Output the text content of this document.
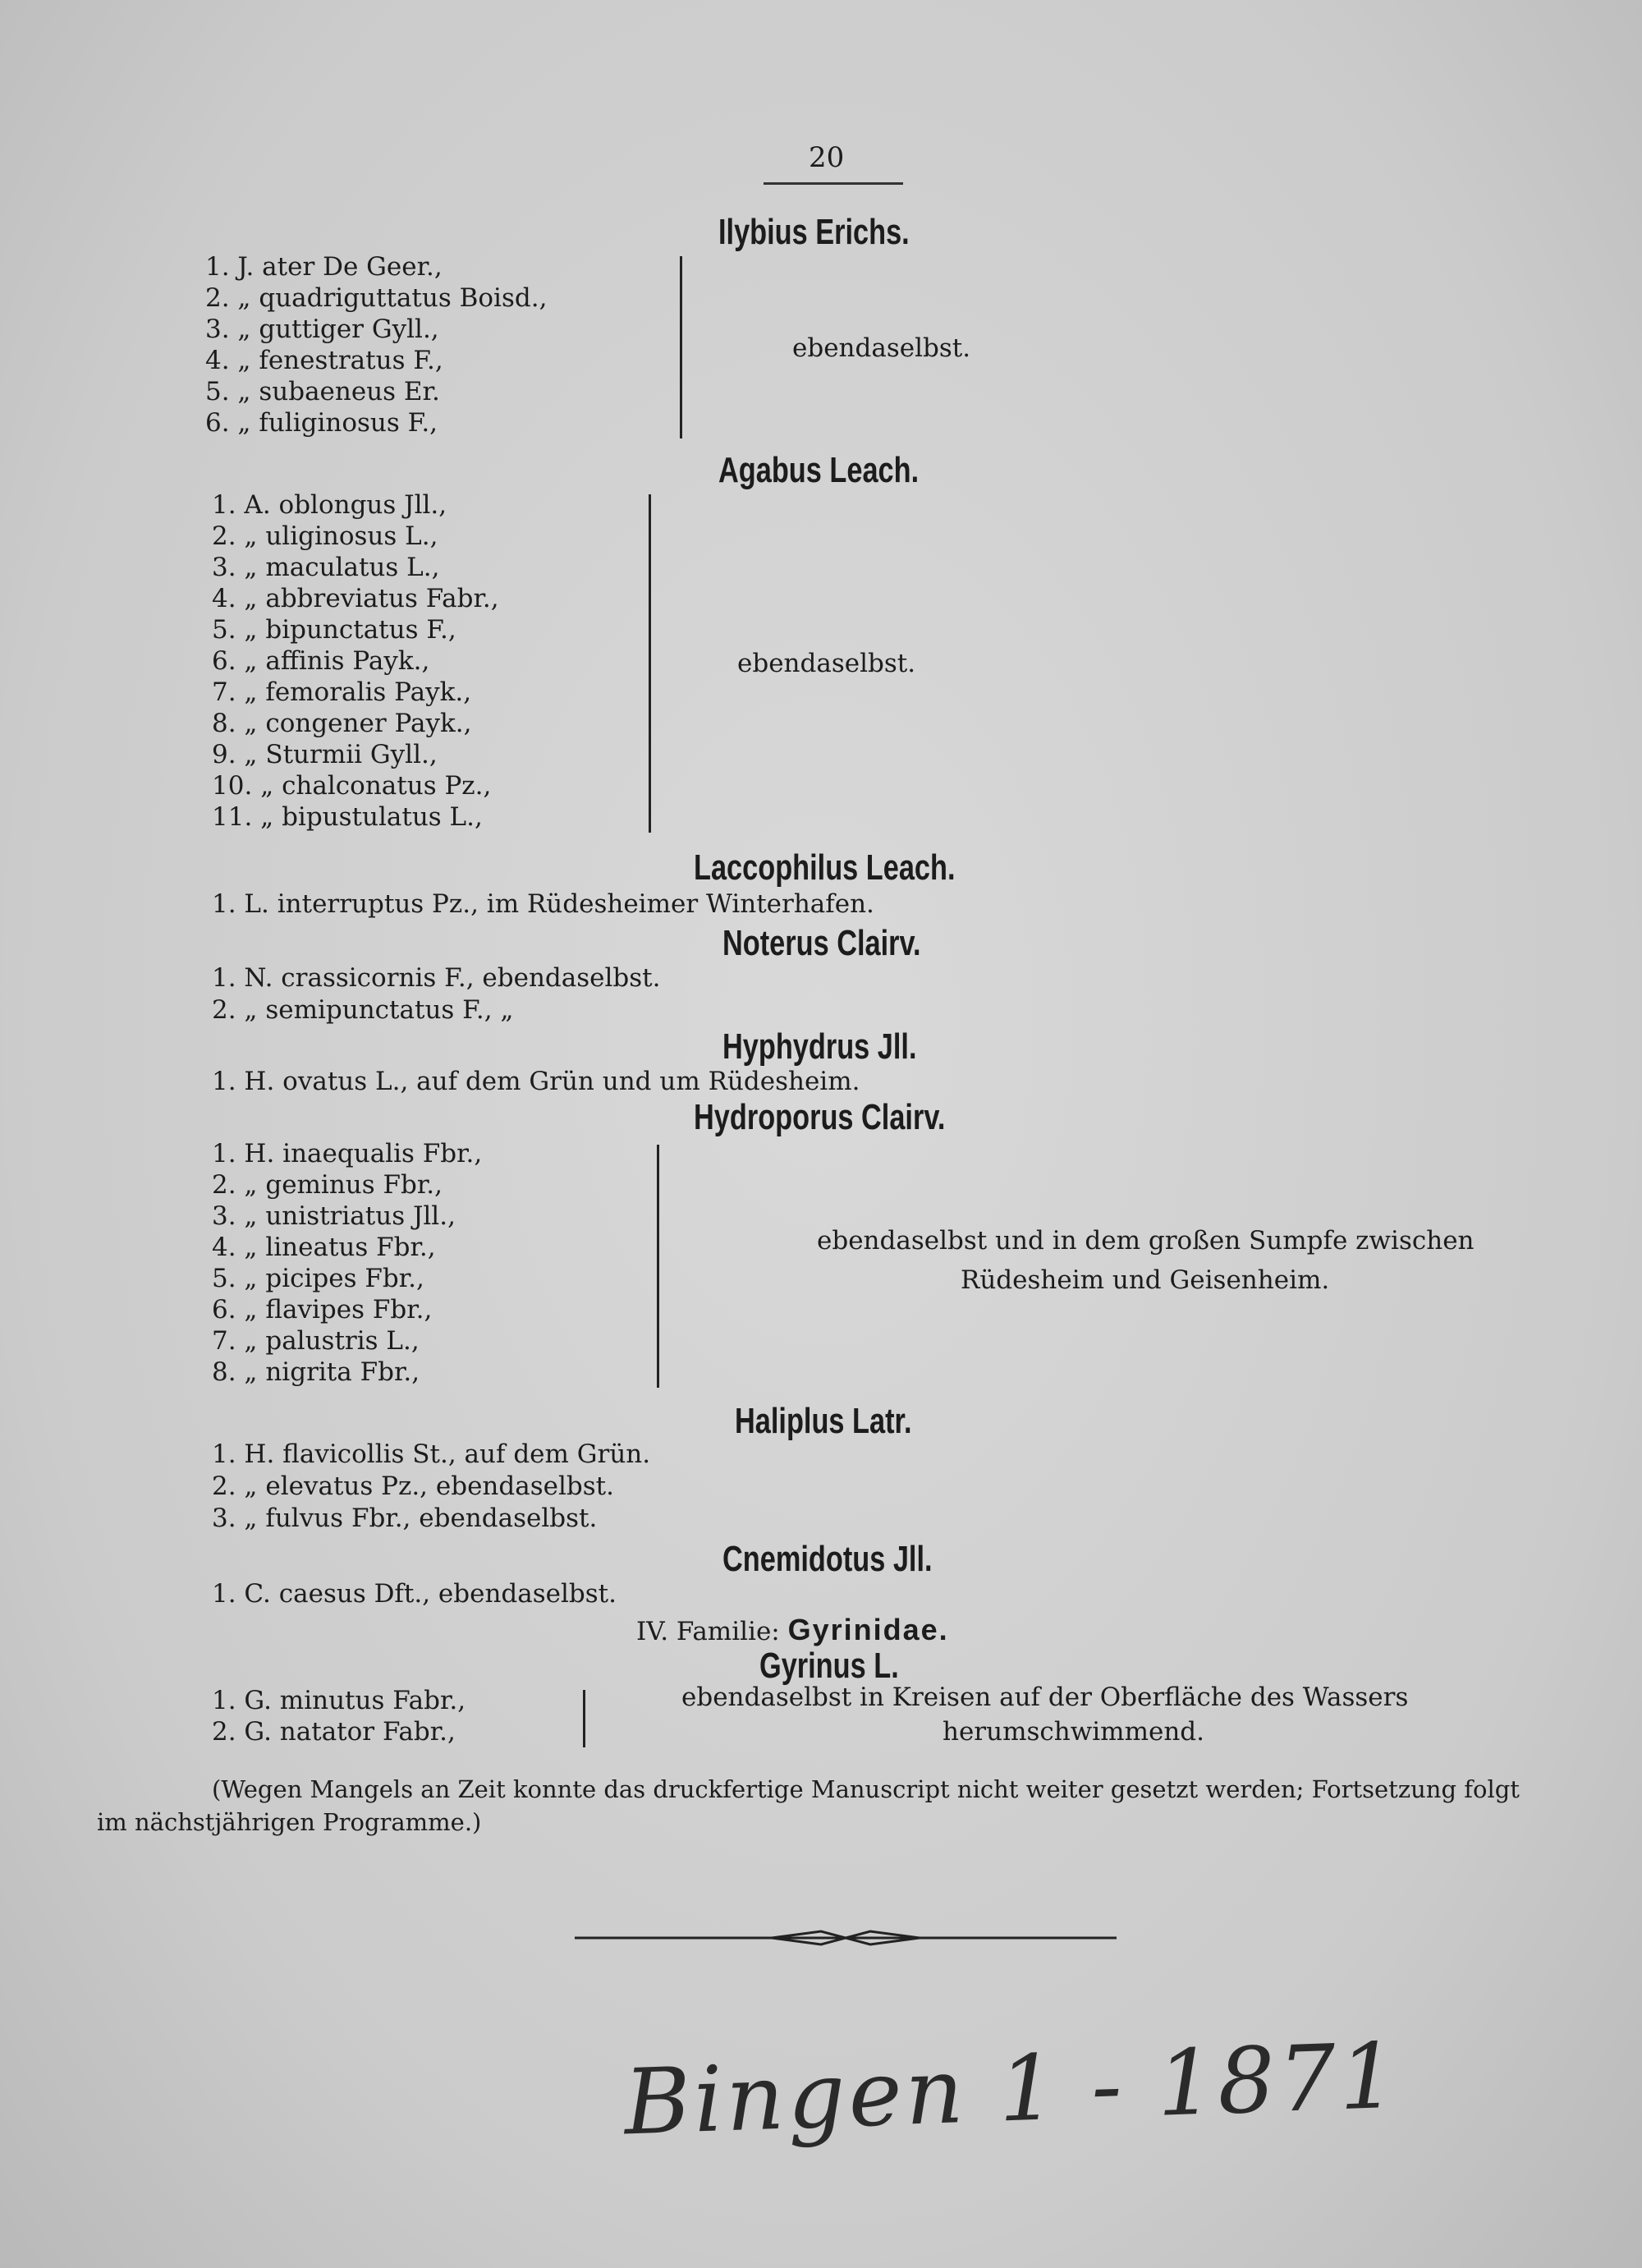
20
Ilybius Erichs.
1. J. ater De Geer.,
2. „ quadriguttatus Boisd.,
3. „ guttiger Gyll.,
4. „ fenestratus F.,
5. „ subaeneus Er.
6. „ fuliginosus F.,
ebendaselbst.
Agabus Leach.
1. A. oblongus Jll.,
2. „ uliginosus L.,
3. „ maculatus L.,
4. „ abbreviatus Fabr.,
5. „ bipunctatus F.,
6. „ affinis Payk.,
7. „ femoralis Payk.,
8. „ congener Payk.,
9. „ Sturmii Gyll.,
10. „ chalconatus Pz.,
11. „ bipustulatus L.,
ebendaselbst.
Laccophilus Leach.
1. L. interruptus Pz., im Rüdesheimer Winterhafen.
Noterus Clairv.
1. N. crassicornis F., ebendaselbst.
2. „ semipunctatus F., „
Hyphydrus Jll.
1. H. ovatus L., auf dem Grün und um Rüdesheim.
Hydroporus Clairv.
1. H. inaequalis Fbr.,
2. „ geminus Fbr.,
3. „ unistriatus Jll.,
4. „ lineatus Fbr.,
5. „ picipes Fbr.,
6. „ flavipes Fbr.,
7. „ palustris L.,
8. „ nigrita Fbr.,
ebendaselbst und in dem großen Sumpfe zwischen
Rüdesheim und Geisenheim.
Haliplus Latr.
1. H. flavicollis St., auf dem Grün.
2. „ elevatus Pz., ebendaselbst.
3. „ fulvus Fbr., ebendaselbst.
Cnemidotus Jll.
1. C. caesus Dft., ebendaselbst.
IV. Familie: Gyrinidae.
Gyrinus L.
1. G. minutus Fabr.,
2. G. natator Fabr.,
ebendaselbst in Kreisen auf der Oberfläche des Wassers
herumschwimmend.
(Wegen Mangels an Zeit konnte das druckfertige Manuscript nicht weiter gesetzt werden; Fortsetzung folgt
im nächstjährigen Programme.)
Bingen 1 - 1871
